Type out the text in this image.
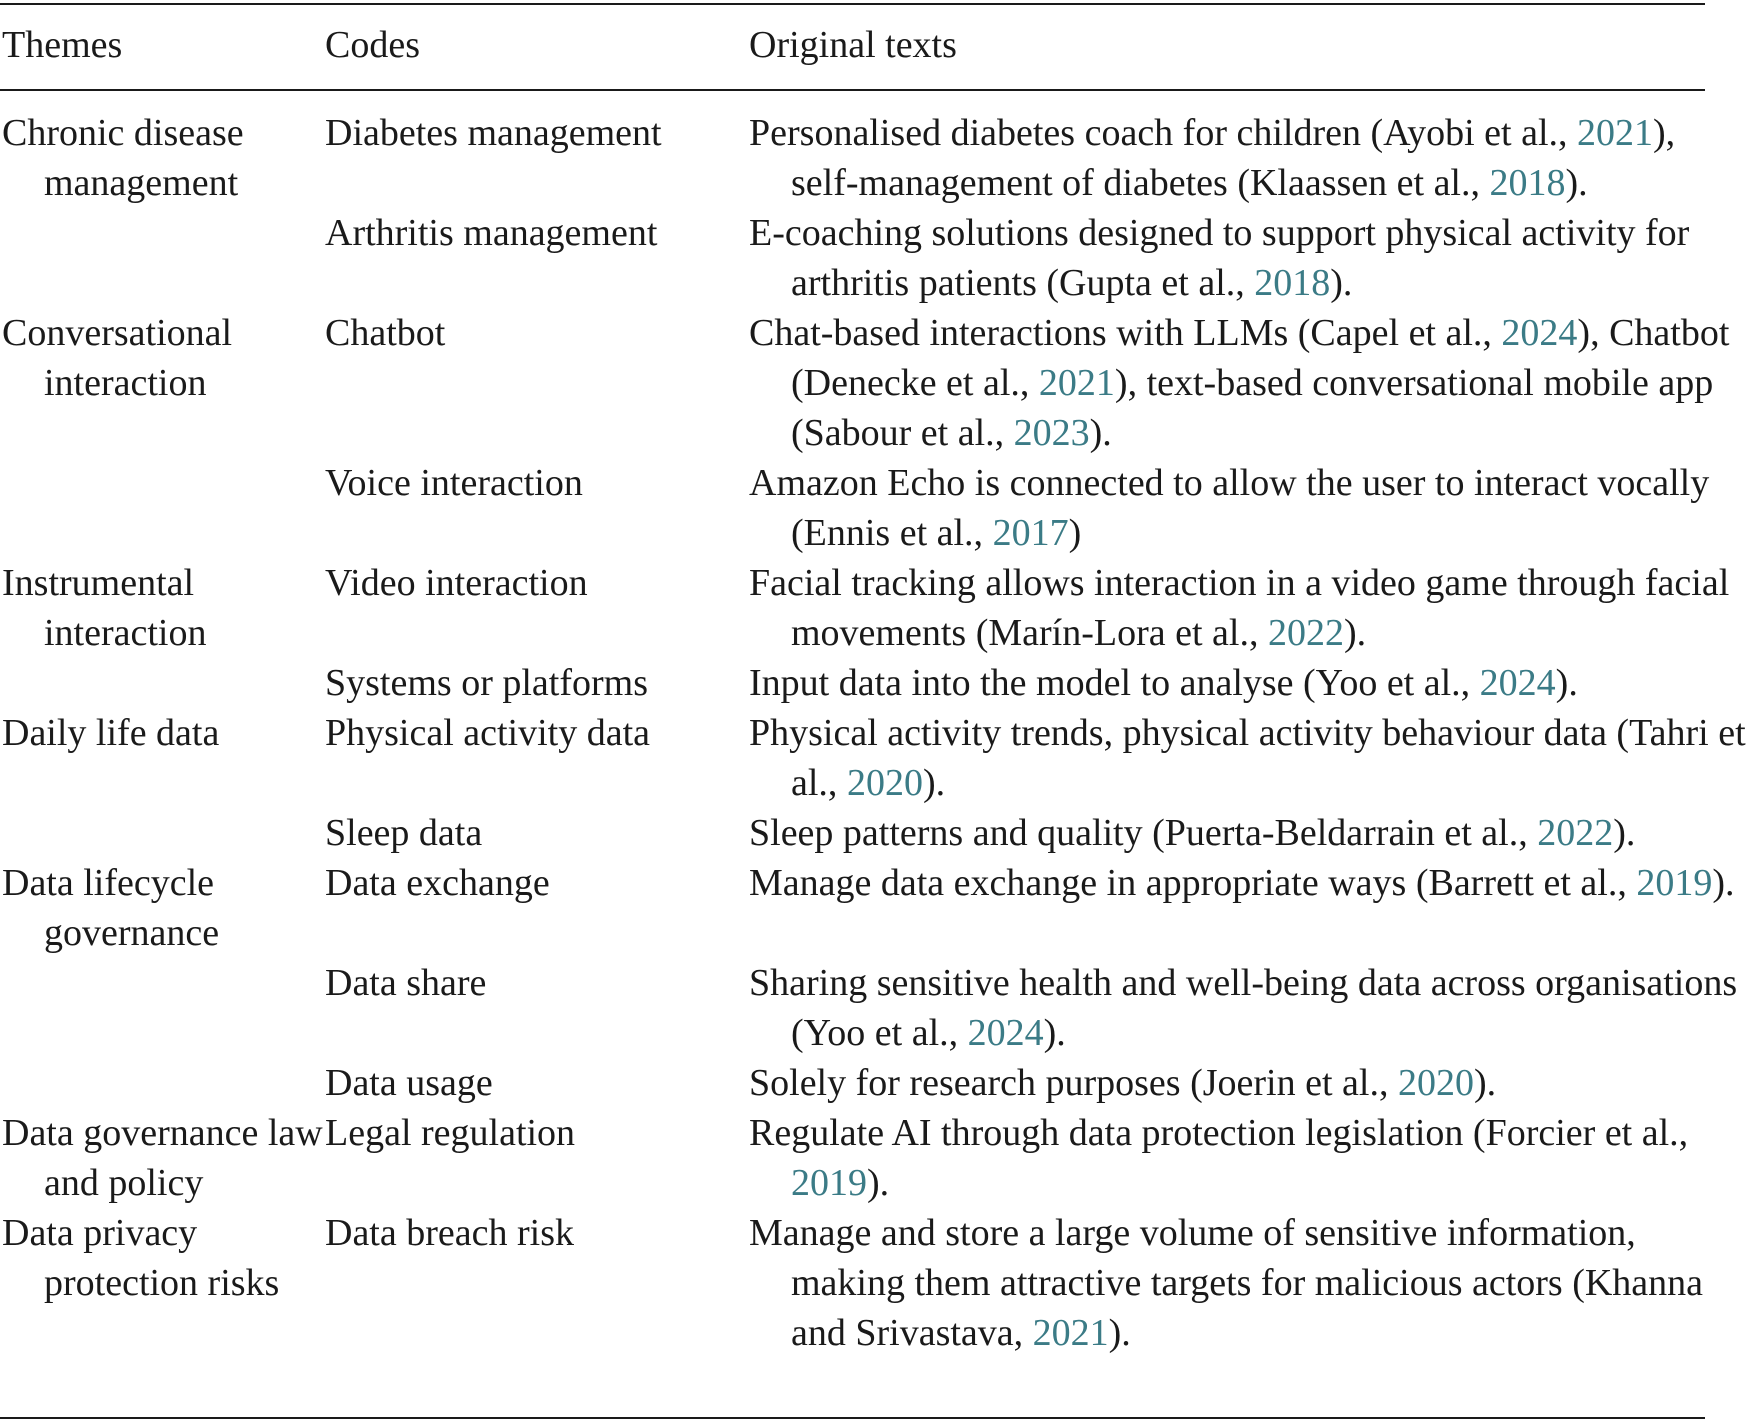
Themes	Codes	Original texts
Chronic disease management
Diabetes management	Personalised diabetes coach for children (Ayobi et al., 2021), self-management of diabetes (Klaassen et al., 2018).
Arthritis management	E-coaching solutions designed to support physical activity for arthritis patients (Gupta et al., 2018).
Conversational interaction
Chatbot	Chat-based interactions with LLMs (Capel et al., 2024), Chatbot (Denecke et al., 2021), text-based conversational mobile app (Sabour et al., 2023).
Voice interaction	Amazon Echo is connected to allow the user to interact vocally (Ennis et al., 2017)
Instrumental interaction
Video interaction	Facial tracking allows interaction in a video game through facial movements (Marín-Lora et al., 2022).
Systems or platforms	Input data into the model to analyse (Yoo et al., 2024).
Daily life data	Physical activity data	Physical activity trends, physical activity behaviour data (Tahri et al., 2020).
Sleep data	Sleep patterns and quality (Puerta-Beldarrain et al., 2022).
Data lifecycle governance
Data exchange	Manage data exchange in appropriate ways (Barrett et al., 2019).
Data share	Sharing sensitive health and well-being data across organisations (Yoo et al., 2024).
Data usage	Solely for research purposes (Joerin et al., 2020).
Data governance law and policy
Legal regulation	Regulate AI through data protection legislation (Forcier et al., 2019).
Data privacy protection risks
Data breach risk	Manage and store a large volume of sensitive information, making them attractive targets for malicious actors (Khanna and Srivastava, 2021).
